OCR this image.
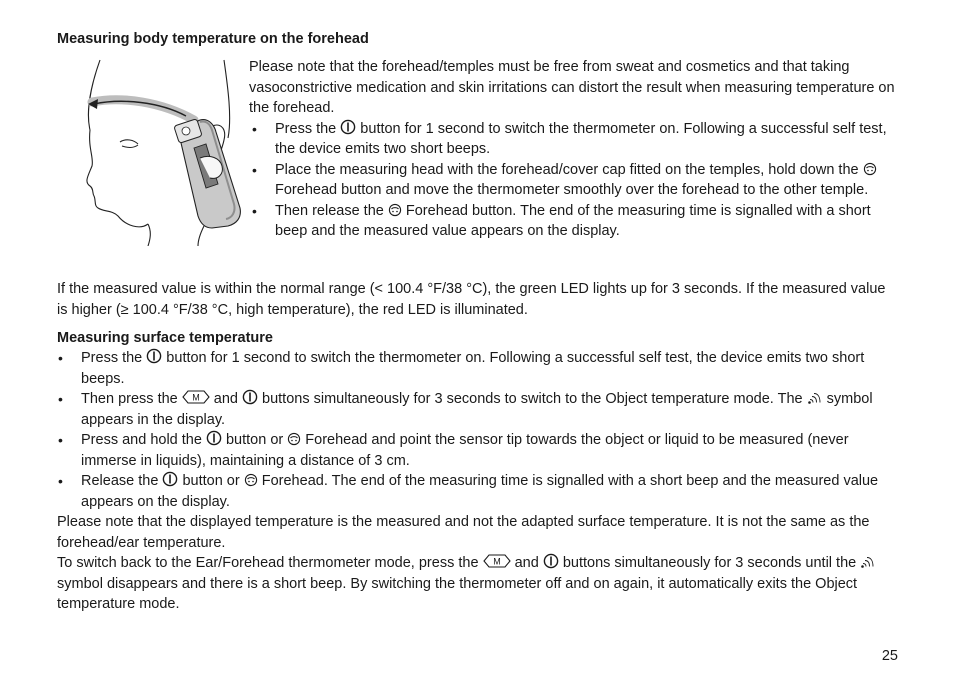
Measuring body temperature on the forehead

Please note that the forehead/temples must be free from sweat and cosmetics and that taking vasoconstrictive medication and skin irritations can distort the result when measuring temperature on the forehead.

• Press the  button for 1 second to switch the thermometer on. Following a successful self test, the device emits two short beeps.
• Place the measuring head with the forehead/cover cap fitted on the temples, hold down the  Forehead button and move the thermometer smoothly over the forehead to the other temple.
• Then release the  Forehead button. The end of the measuring time is signalled with a short beep and the measured value appears on the display.

If the measured value is within the normal range (< 100.4 °F/38 °C), the green LED lights up for 3 seconds. If the measured value is higher (≥ 100.4 °F/38 °C, high temperature), the red LED is illuminated.

Measuring surface temperature
• Press the  button for 1 second to switch the thermometer on. Following a successful self test, the device emits two short beeps.
• Then press the M and  buttons simultaneously for 3 seconds to switch to the Object temperature mode. The  symbol appears in the display.
• Press and hold the  button or  Forehead and point the sensor tip towards the object or liquid to be measured (never immerse in liquids), maintaining a distance of 3 cm.
• Release the  button or  Forehead. The end of the measuring time is signalled with a short beep and the measured value appears on the display.

Please note that the displayed temperature is the measured and not the adapted surface temperature. It is not the same as the forehead/ear temperature.

To switch back to the Ear/Forehead thermometer mode, press the M and  buttons simultaneously for 3 seconds until the  symbol disappears and there is a short beep. By switching the thermometer off and on again, it automatically exits the Object temperature mode.

25
